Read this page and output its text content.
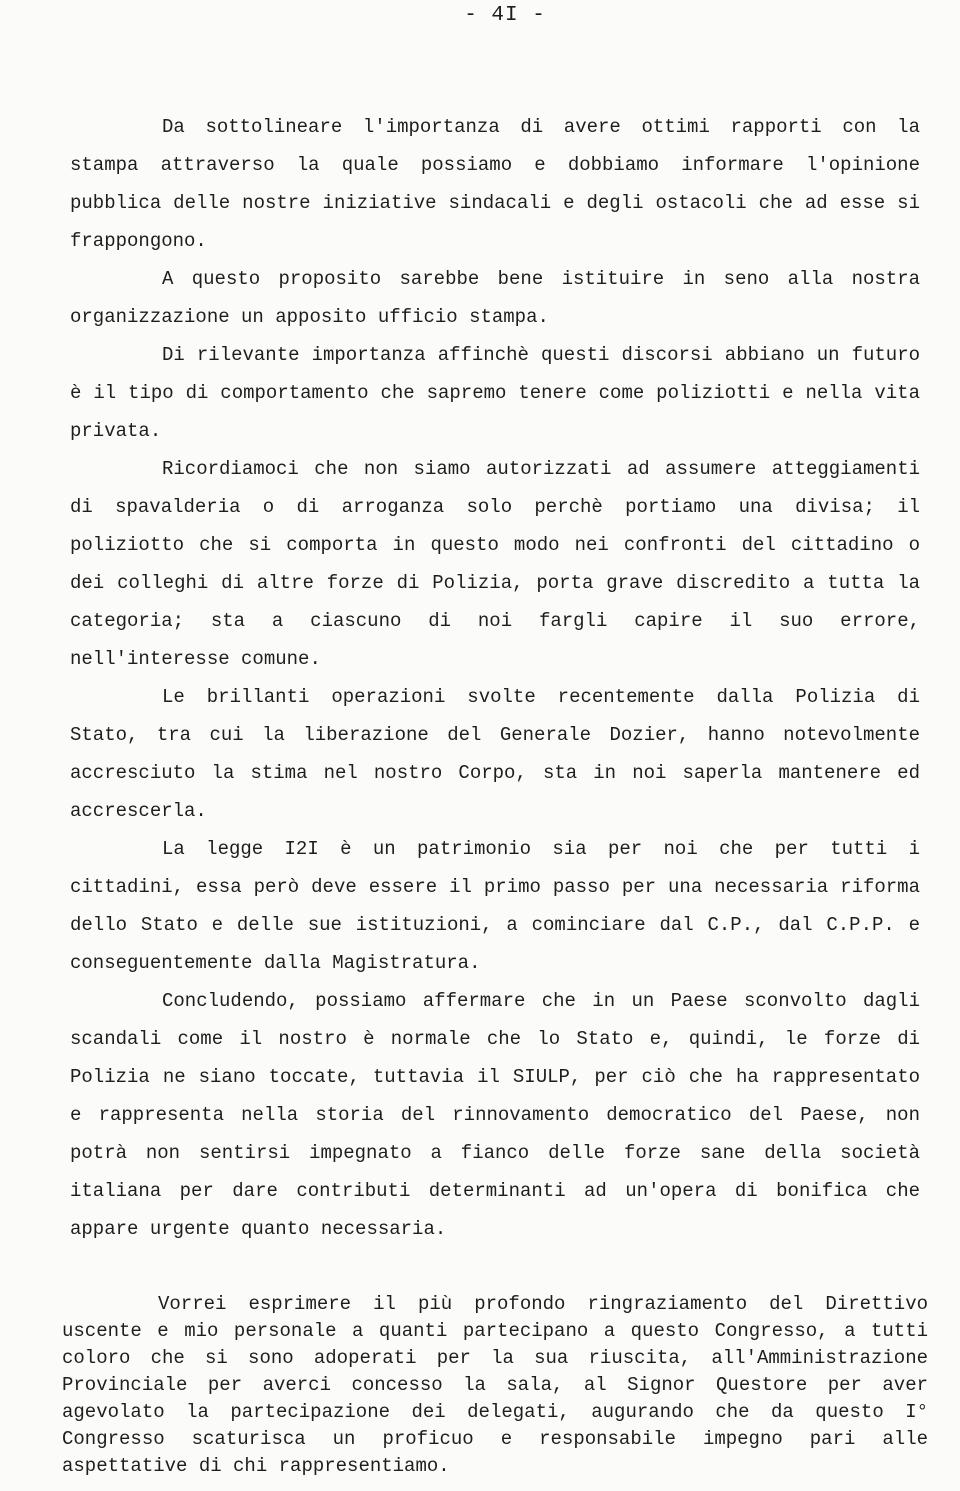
- 4I -

Da sottolineare l'importanza di avere ottimi rapporti con la stampa attraverso la quale possiamo e dobbiamo informare l'opinione pubblica delle nostre iniziative sindacali e degli ostacoli che ad esse si frappongono.

A questo proposito sarebbe bene istituire in seno alla nostra organizzazione un apposito ufficio stampa.

Di rilevante importanza affinchè questi discorsi abbiano un futuro è il tipo di comportamento che sapremo tenere come poliziotti e nella vita privata.

Ricordiamoci che non siamo autorizzati ad assumere atteggiamenti di spavalderia o di arroganza solo perchè portiamo una divisa; il poliziotto che si comporta in questo modo nei confronti del cittadino o dei colleghi di altre forze di Polizia, porta grave discredito a tutta la categoria; sta a ciascuno di noi fargli capire il suo errore, nell'interesse comune.

Le brillanti operazioni svolte recentemente dalla Polizia di Stato, tra cui la liberazione del Generale Dozier, hanno notevolmente accresciuto la stima nel nostro Corpo, sta in noi saperla mantenere ed accrescerla.

La legge I2I è un patrimonio sia per noi che per tutti i cittadini, essa però deve essere il primo passo per una necessaria riforma dello Stato e delle sue istituzioni, a cominciare dal C.P., dal C.P.P. e conseguentemente dalla Magistratura.

Concludendo, possiamo affermare che in un Paese sconvolto dagli scandali come il nostro è normale che lo Stato e, quindi, le forze di Polizia ne siano toccate, tuttavia il SIULP, per ciò che ha rappresentato e rappresenta nella storia del rinnovamento democratico del Paese, non potrà non sentirsi impegnato a fianco delle forze sane della società italiana per dare contributi determinanti ad un'opera di bonifica che appare urgente quanto necessaria.

Vorrei esprimere il più profondo ringraziamento del Direttivo uscente e mio personale a quanti partecipano a questo Congresso, a tutti coloro che si sono adoperati per la sua riuscita, all'Amministrazione Provinciale per averci concesso la sala, al Signor Questore per aver agevolato la partecipazione dei delegati, augurando che da questo I° Congresso scaturisca un proficuo e responsabile impegno pari alle aspettative di chi rappresentiamo.
